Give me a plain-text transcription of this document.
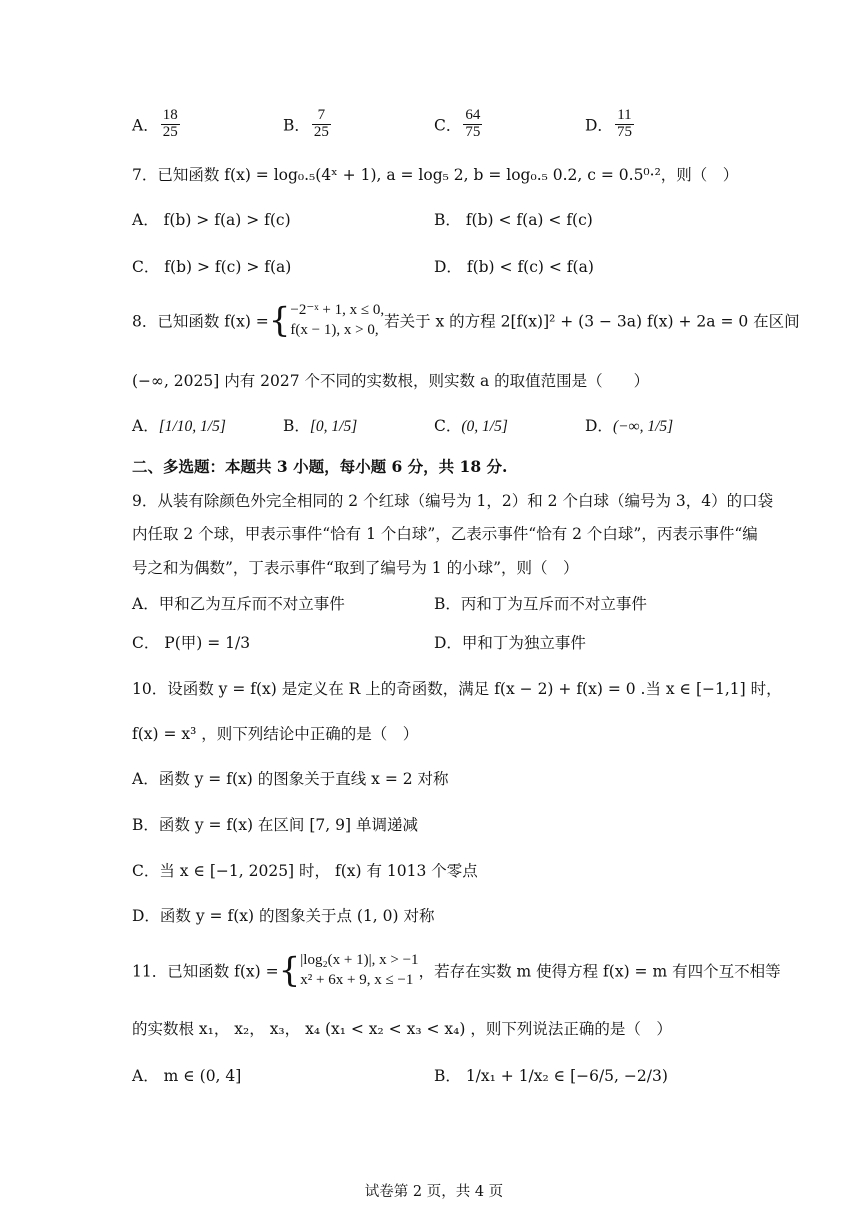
A． $\frac{18}{25}$	B． $\frac{7}{25}$	C． $\frac{64}{75}$	D． $\frac{11}{75}$
7．已知函数 f(x) = log₀.₅(4ˣ + 1), a = log₅ 2, b = log₀.₅ 0.2, c = 0.5⁰·²，则（　）
A． f(b) > f(a) > f(c)	B． f(b) < f(a) < f(c)
C． f(b) > f(c) > f(a)	D． f(b) < f(c) < f(a)
8．已知函数 f(x) ={ −2⁻ˣ + 1, x ≤ 0,
f(x − 1), x > 0, 若关于 x 的方程 2[f(x)]² + (3 − 3a) f(x) + 2a = 0 在区间
(−∞, 2025] 内有 2027 个不同的实数根，则实数 a 的取值范围是（　　）
A．[1/10, 1/5]	B．[0, 1/5]	C．(0, 1/5]	D．(−∞, 1/5]
二、多选题：本题共 3 小题，每小题 6 分，共 18 分.
9．从装有除颜色外完全相同的 2 个红球（编号为 1，2）和 2 个白球（编号为 3，4）的口袋
内任取 2 个球，甲表示事件“恰有 1 个白球”，乙表示事件“恰有 2 个白球”，丙表示事件“编
号之和为偶数”，丁表示事件“取到了编号为 1 的小球”，则（　）
A．甲和乙为互斥而不对立事件	B．丙和丁为互斥而不对立事件
C． P(甲) = 1/3	D．甲和丁为独立事件
10．设函数 y = f(x) 是定义在 R 上的奇函数，满足 f(x − 2) + f(x) = 0 .当 x ∈ [−1,1] 时，
f(x) = x³ ，则下列结论中正确的是（　）
A．函数 y = f(x) 的图象关于直线 x = 2 对称
B．函数 y = f(x) 在区间 [7, 9] 单调递减
C．当 x ∈ [−1, 2025] 时， f(x) 有 1013 个零点
D．函数 y = f(x) 的图象关于点 (1, 0) 对称
11．已知函数 f(x) ={ |log₂(x + 1)|, x > −1
x² + 6x + 9, x ≤ −1 ，若存在实数 m 使得方程 f(x) = m 有四个互不相等
的实数根 x₁， x₂， x₃， x₄ (x₁ < x₂ < x₃ < x₄) ，则下列说法正确的是（　）
A． m ∈ (0, 4]	B． 1/x₁ + 1/x₂ ∈ [−6/5, −2/3)
试卷第 2 页，共 4 页
